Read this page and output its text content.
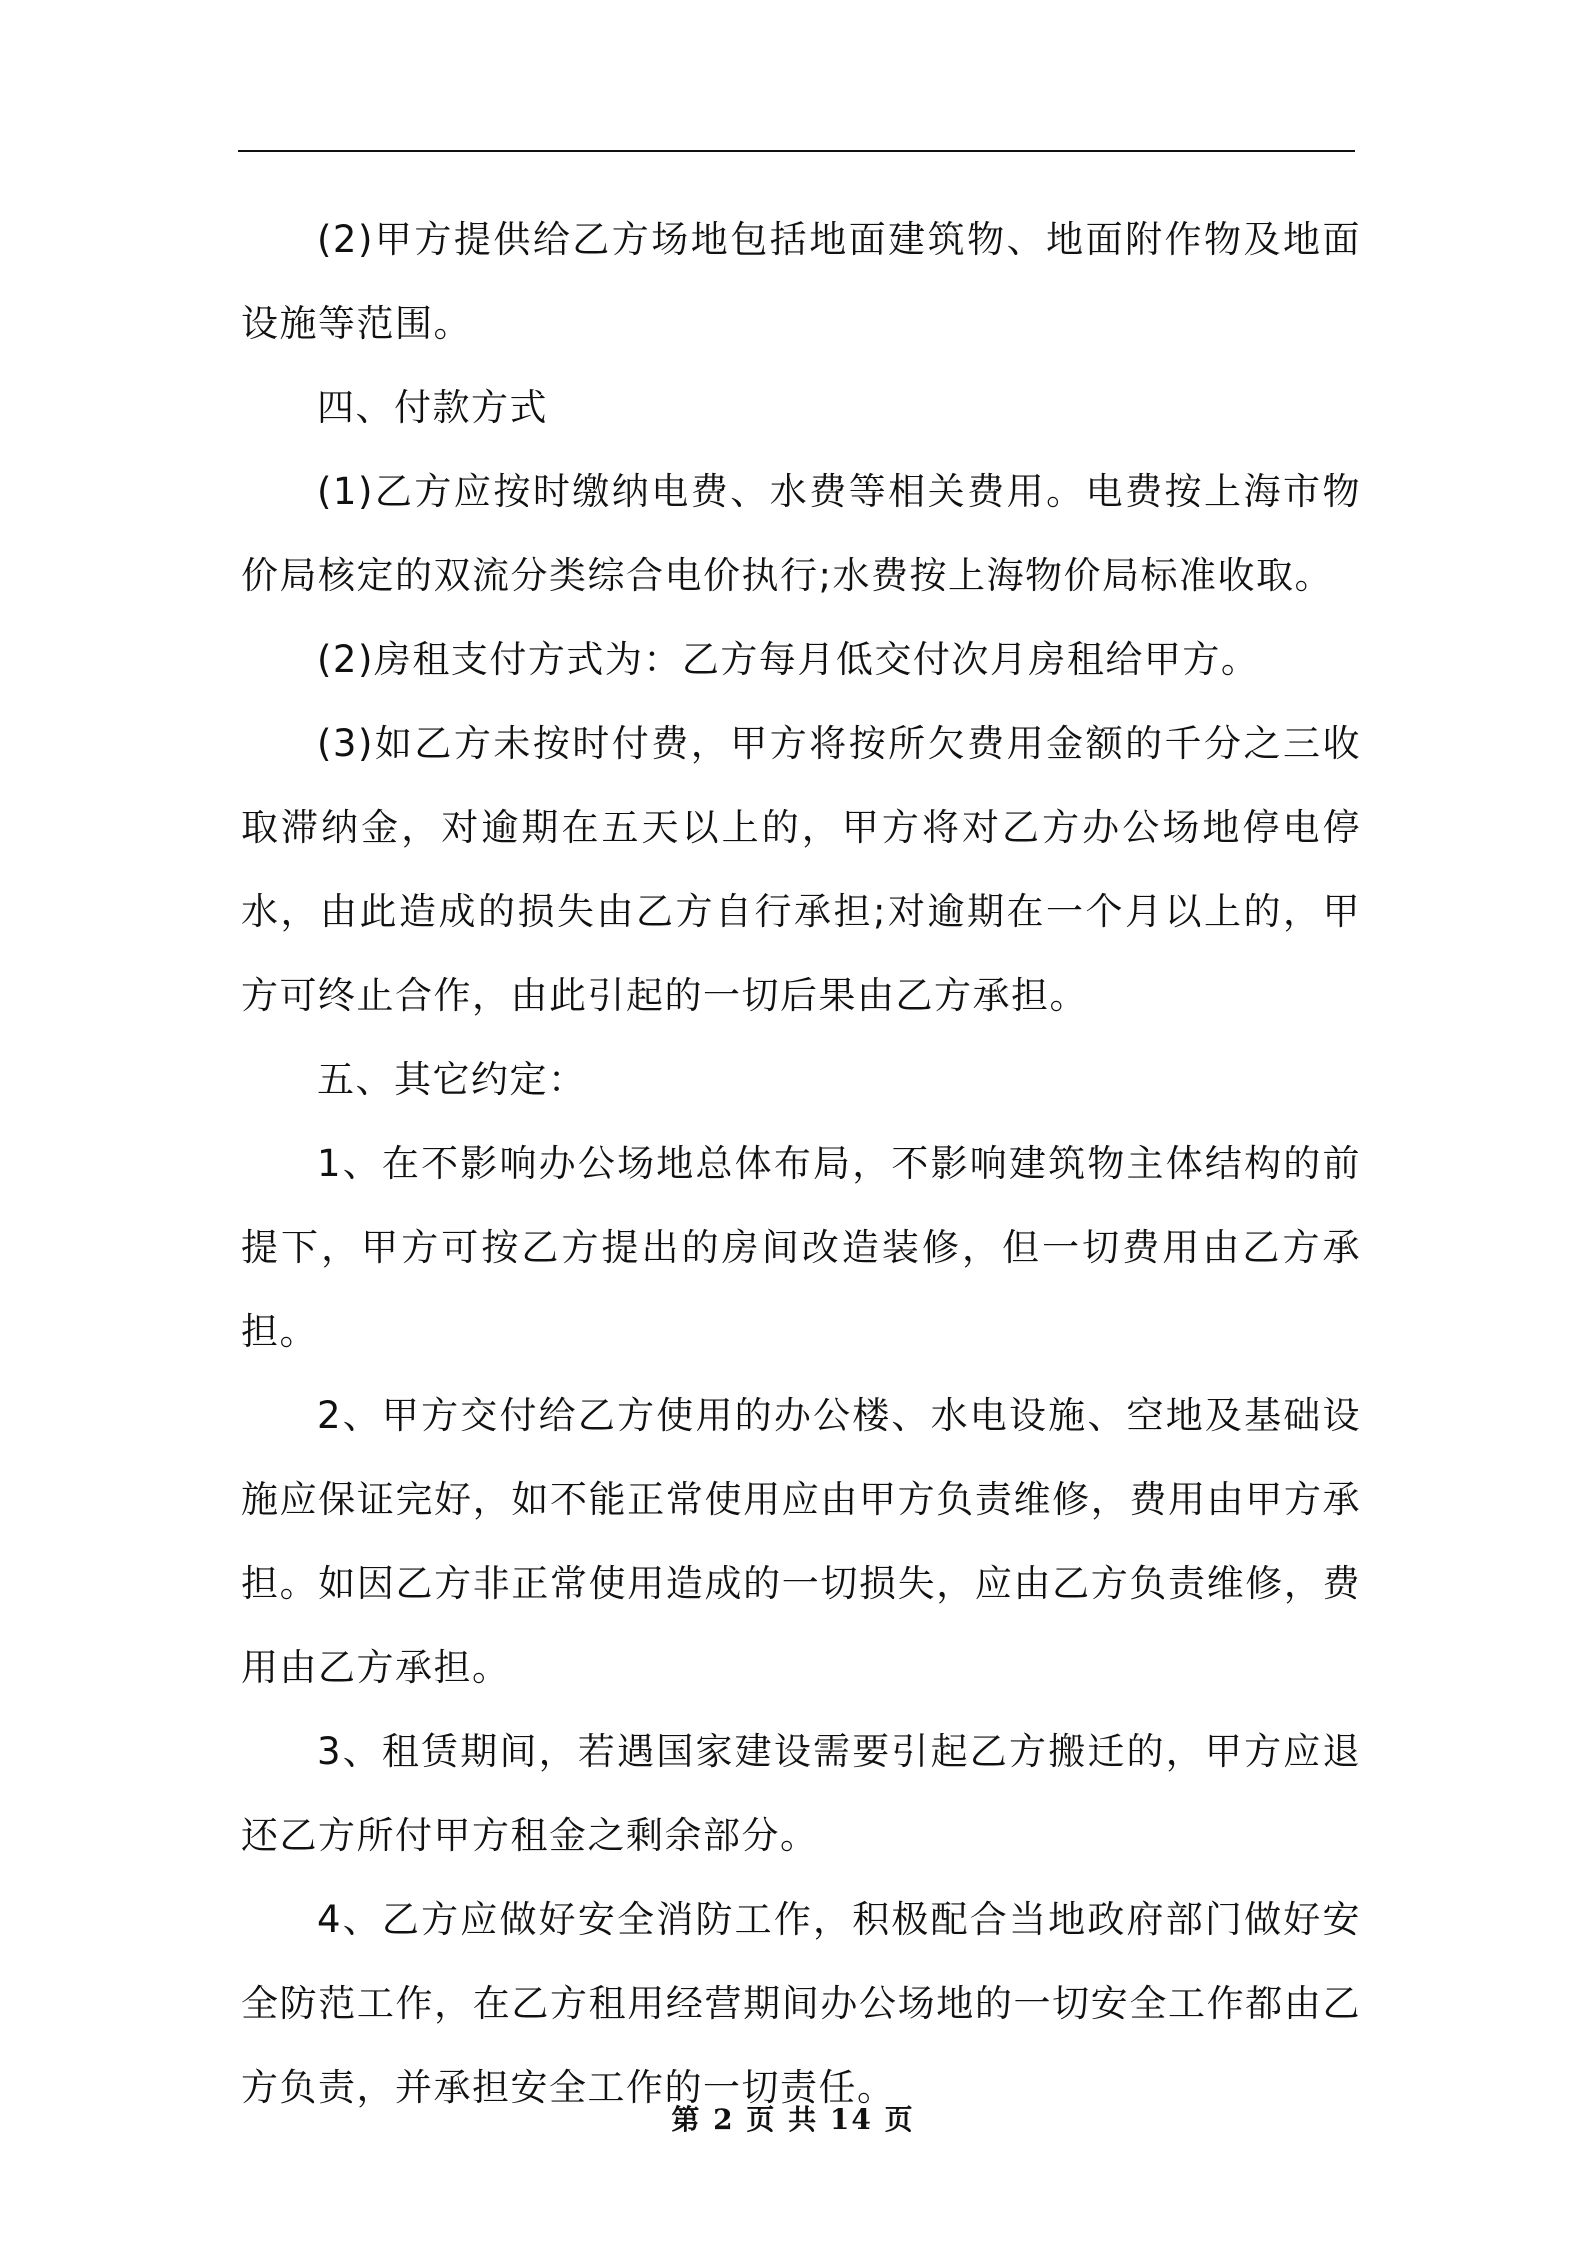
(2)甲方提供给乙方场地包括地面建筑物、地面附作物及地面设施等范围。

四、付款方式

(1)乙方应按时缴纳电费、水费等相关费用。电费按上海市物价局核定的双流分类综合电价执行;水费按上海物价局标准收取。

(2)房租支付方式为：乙方每月低交付次月房租给甲方。

(3)如乙方未按时付费，甲方将按所欠费用金额的千分之三收取滞纳金，对逾期在五天以上的，甲方将对乙方办公场地停电停水，由此造成的损失由乙方自行承担;对逾期在一个月以上的，甲方可终止合作，由此引起的一切后果由乙方承担。

五、其它约定：

1、在不影响办公场地总体布局，不影响建筑物主体结构的前提下，甲方可按乙方提出的房间改造装修，但一切费用由乙方承担。

2、甲方交付给乙方使用的办公楼、水电设施、空地及基础设施应保证完好，如不能正常使用应由甲方负责维修，费用由甲方承担。如因乙方非正常使用造成的一切损失，应由乙方负责维修，费用由乙方承担。

3、租赁期间，若遇国家建设需要引起乙方搬迁的，甲方应退还乙方所付甲方租金之剩余部分。

4、乙方应做好安全消防工作，积极配合当地政府部门做好安全防范工作，在乙方租用经营期间办公场地的一切安全工作都由乙方负责，并承担安全工作的一切责任。

第 2 页 共 14 页
